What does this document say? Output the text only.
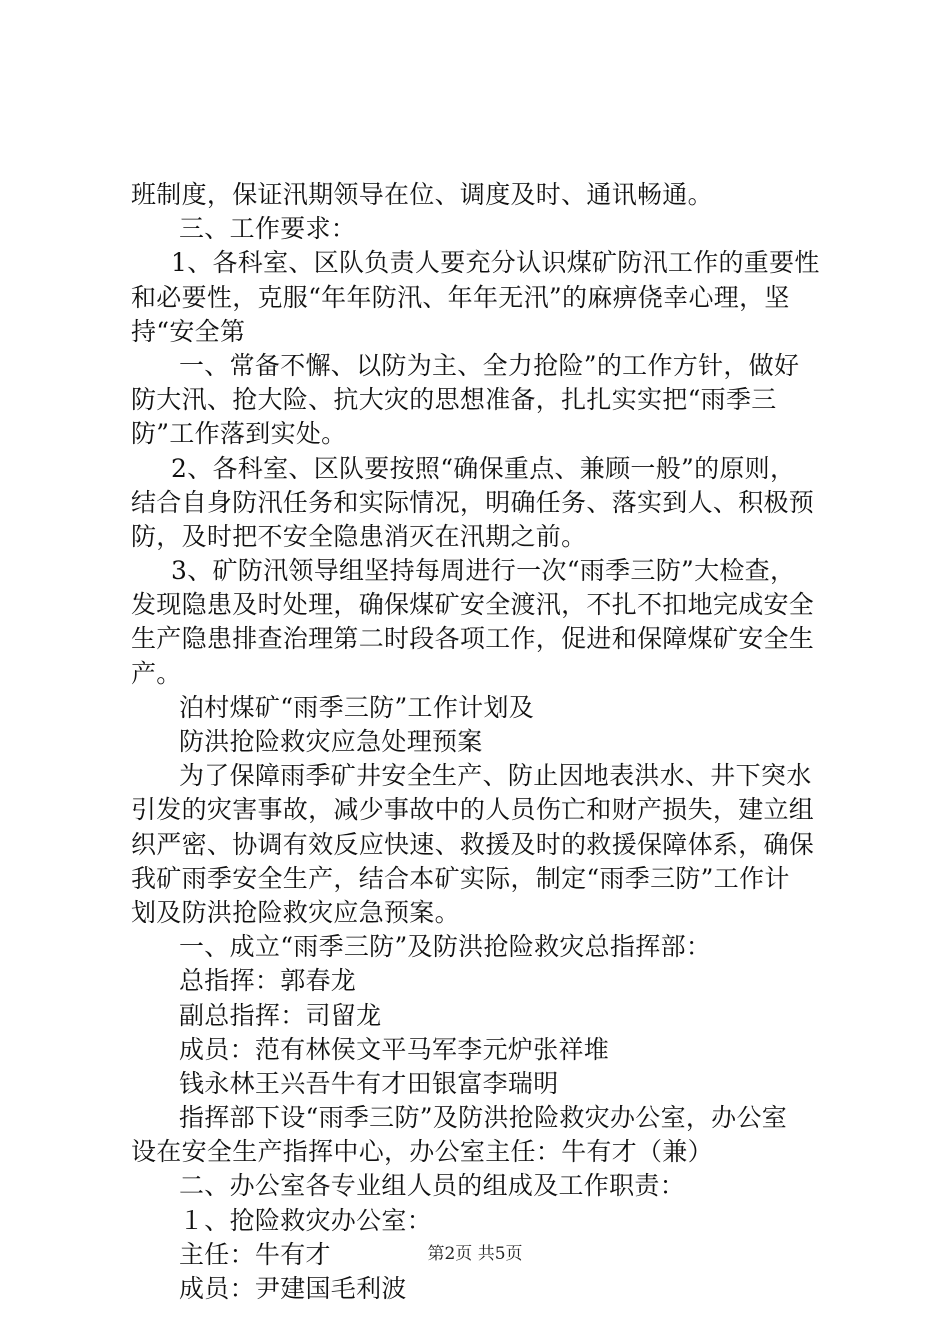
班制度，保证汛期领导在位、调度及时、通讯畅通。
三、工作要求：
1、各科室、区队负责人要充分认识煤矿防汛工作的重要性
和必要性，克服“年年防汛、年年无汛”的麻痹侥幸心理，坚
持“安全第
一、常备不懈、以防为主、全力抢险”的工作方针，做好
防大汛、抢大险、抗大灾的思想准备，扎扎实实把“雨季三
防”工作落到实处。
2、各科室、区队要按照“确保重点、兼顾一般”的原则，
结合自身防汛任务和实际情况，明确任务、落实到人、积极预
防，及时把不安全隐患消灭在汛期之前。
3、矿防汛领导组坚持每周进行一次“雨季三防”大检查，
发现隐患及时处理，确保煤矿安全渡汛，不扎不扣地完成安全
生产隐患排查治理第二时段各项工作，促进和保障煤矿安全生
产。
泊村煤矿“雨季三防”工作计划及
防洪抢险救灾应急处理预案
为了保障雨季矿井安全生产、防止因地表洪水、井下突水
引发的灾害事故，减少事故中的人员伤亡和财产损失，建立组
织严密、协调有效反应快速、救援及时的救援保障体系，确保
我矿雨季安全生产，结合本矿实际，制定“雨季三防”工作计
划及防洪抢险救灾应急预案。
一、成立“雨季三防”及防洪抢险救灾总指挥部：
总指挥：郭春龙
副总指挥：司留龙
成员：范有林侯文平马军李元炉张祥堆
钱永林王兴吾牛有才田银富李瑞明
指挥部下设“雨季三防”及防洪抢险救灾办公室，办公室
设在安全生产指挥中心，办公室主任：牛有才（兼）
二、办公室各专业组人员的组成及工作职责：
１、抢险救灾办公室：
主任：牛有才
成员：尹建国毛利波
第2页 共5页
